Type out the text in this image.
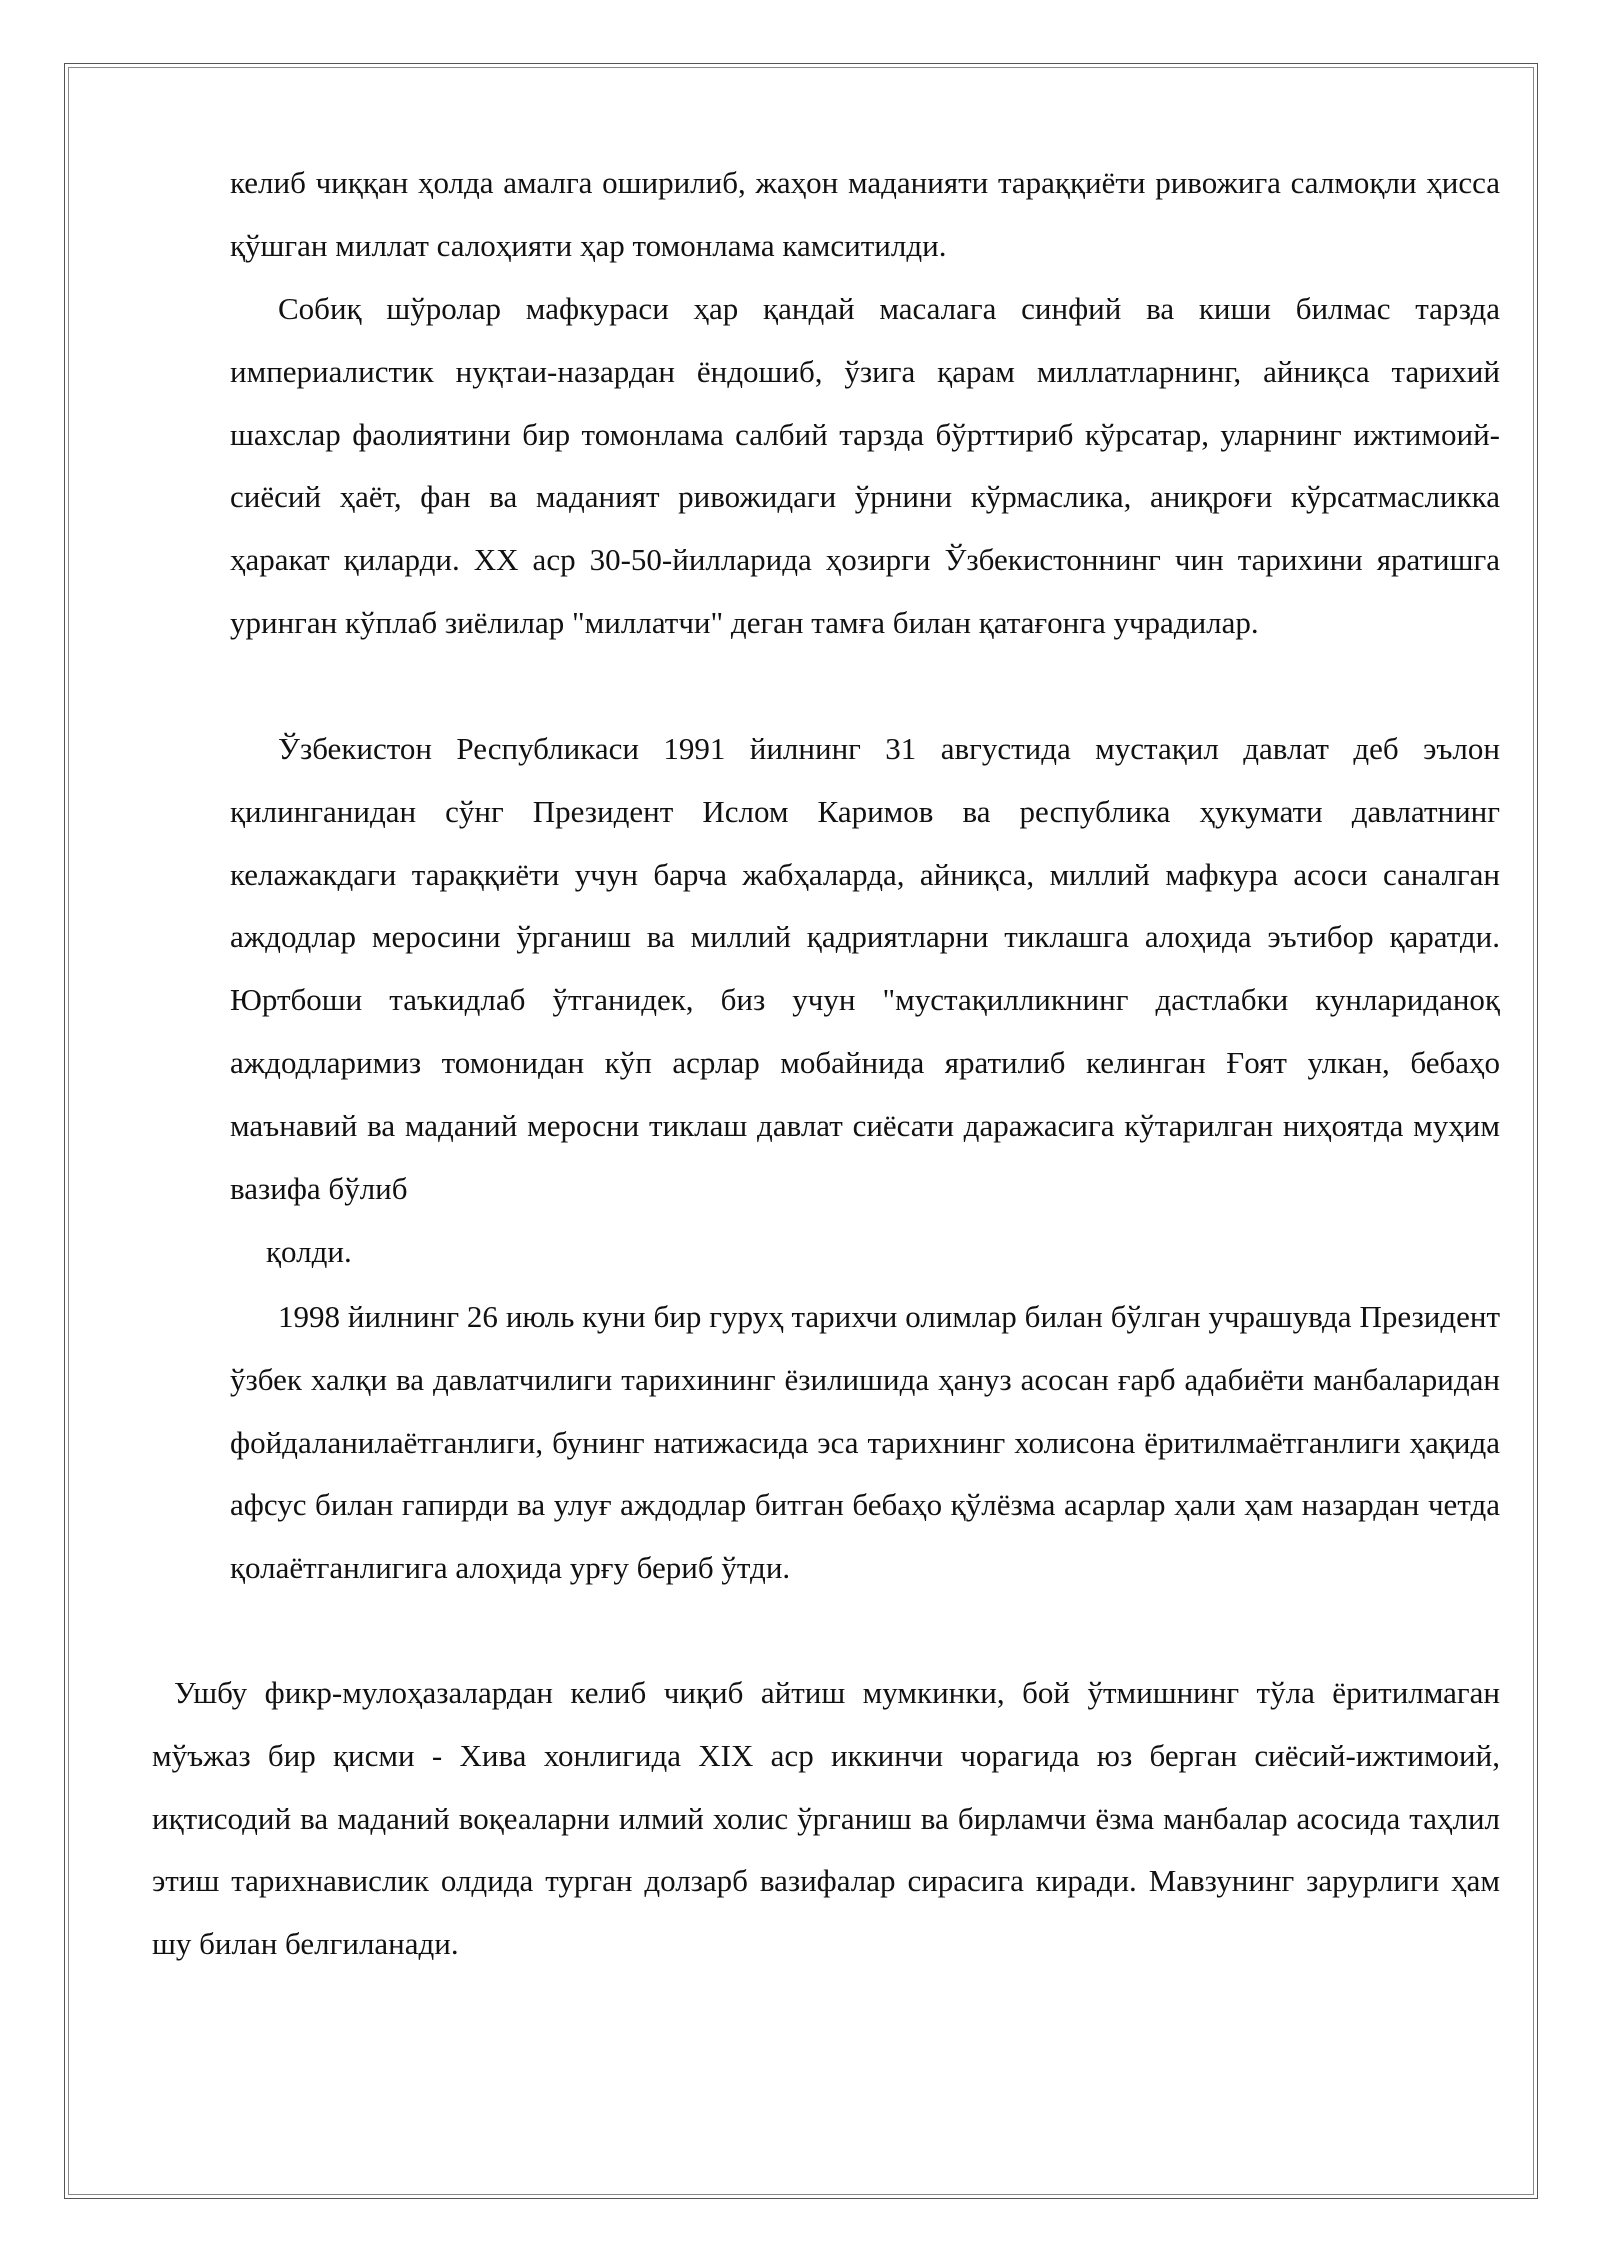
келиб чиққан ҳолда амалга оширилиб, жаҳон маданияти тараққиёти ривожига салмоқли ҳисса қўшган миллат салоҳияти ҳар томонлама камситилди.

Собиқ шўролар мафкураси ҳар қандай масалага синфий ва киши билмас тарзда империалистик нуқтаи-назардан ёндошиб, ўзига қарам миллатларнинг, айниқса тарихий шахслар фаолиятини бир томонлама салбий тарзда бўрттириб кўрсатар, уларнинг ижтимоий-сиёсий ҳаёт, фан ва маданият ривожидаги ўрнини кўрмаслика, аниқроғи кўрсатмасликка ҳаракат қиларди. XX аср 30-50-йилларида ҳозирги Ўзбекистоннинг чин тарихини яратишга уринган кўплаб зиёлилар "миллатчи" деган тамға билан қатағонга учрадилар.

Ўзбекистон Республикаси 1991 йилнинг 31 августида мустақил давлат деб эълон қилинганидан сўнг Президент Ислом Каримов ва республика ҳукумати давлатнинг келажакдаги тараққиёти учун барча жабҳаларда, айниқса, миллий мафкура асоси саналган аждодлар меросини ўрганиш ва миллий қадриятларни тиклашга алоҳида эътибор қаратди. Юртбоши таъкидлаб ўтганидек, биз учун "мустақилликнинг дастлабки кунлариданоқ аждодларимиз томонидан кўп асрлар мобайнида яратилиб келинган Ғоят улкан, бебаҳо маънавий ва маданий меросни тиклаш давлат сиёсати даражасига кўтарилган ниҳоятда муҳим вазифа бўлиб

қолди.

1998 йилнинг 26 июль куни бир гуруҳ тарихчи олимлар билан бўлган учрашувда Президент ўзбек халқи ва давлатчилиги тарихининг ёзилишида ҳануз асосан ғарб адабиёти манбаларидан фойдаланилаётганлиги, бунинг натижасида эса тарихнинг холисона ёритилмаётганлиги ҳақида афсус билан гапирди ва улуғ аждодлар битган бебаҳо қўлёзма асарлар ҳали ҳам назардан четда қолаётганлигига алоҳида урғу бериб ўтди.

Ушбу фикр-мулоҳазалардан келиб чиқиб айтиш мумкинки, бой ўтмишнинг тўла ёритилмаган мўъжаз бир қисми - Хива хонлигида XIX аср иккинчи чорагида юз берган сиёсий-ижтимоий, иқтисодий ва маданий воқеаларни илмий холис ўрганиш ва бирламчи ёзма манбалар асосида таҳлил этиш тарихнавислик олдида турган долзарб вазифалар сирасига киради. Мавзунинг зарурлиги ҳам шу билан белгиланади.
